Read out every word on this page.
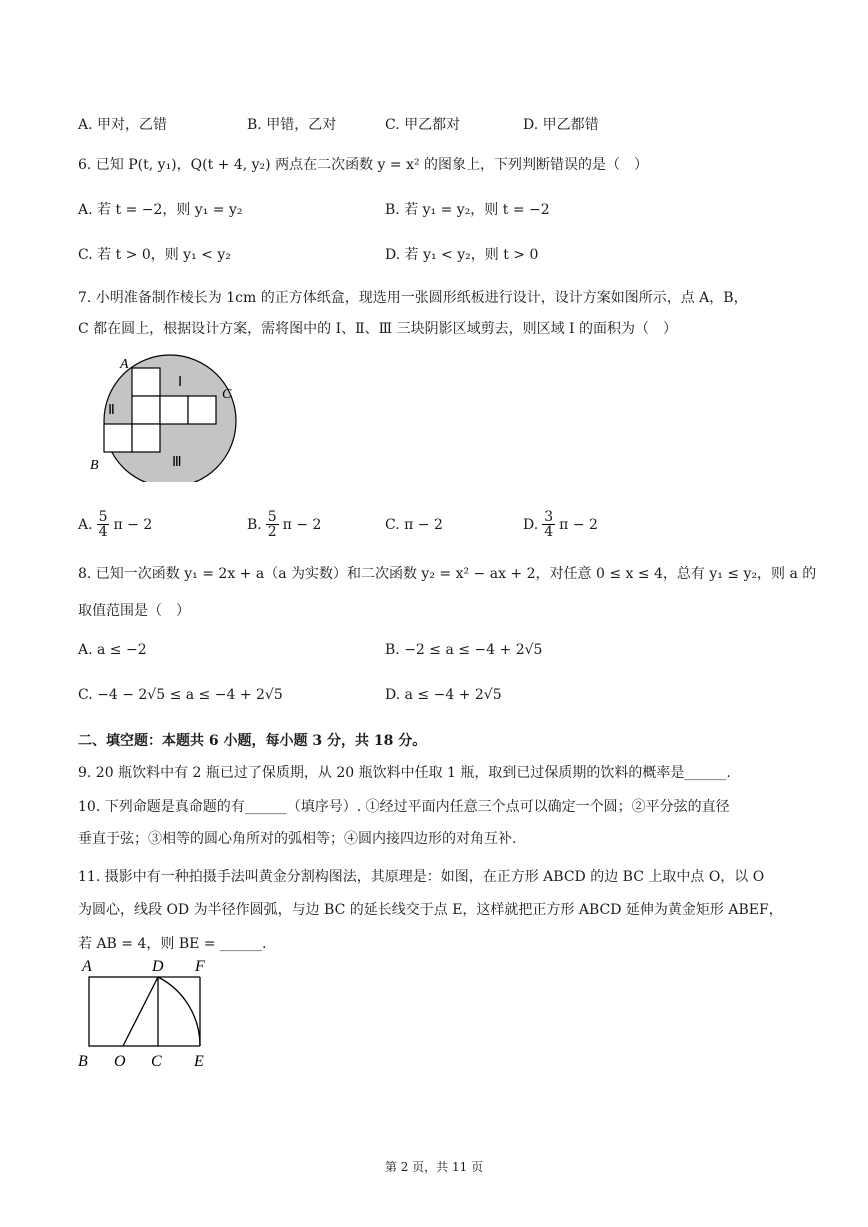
A. 甲对，乙错	B. 甲错，乙对	C. 甲乙都对	D. 甲乙都错
6. 已知 P(t, y₁)，Q(t + 4, y₂) 两点在二次函数 y = x² 的图象上，下列判断错误的是（　）
A. 若 t = −2，则 y₁ = y₂	B. 若 y₁ = y₂，则 t = −2
C. 若 t > 0，则 y₁ < y₂	D. 若 y₁ < y₂，则 t > 0
7. 小明准备制作棱长为 1cm 的正方体纸盒，现选用一张圆形纸板进行设计，设计方案如图所示，点 A，B，
C 都在圆上，根据设计方案，需将图中的 Ⅰ、Ⅱ、Ⅲ 三块阴影区域剪去，则区域 Ⅰ 的面积为（　）
A
B
C
Ⅰ
Ⅱ
Ⅲ
A. $\frac{5}{4}$ π − 2	B. $\frac{5}{2}$ π − 2	C. π − 2	D. $\frac{3}{4}$ π − 2
8. 已知一次函数 y₁ = 2x + a（a 为实数）和二次函数 y₂ = x² − ax + 2，对任意 0 ≤ x ≤ 4，总有 y₁ ≤ y₂，则 a 的
取值范围是（　）
A. a ≤ −2	B. −2 ≤ a ≤ −4 + 2√5
C. −4 − 2√5 ≤ a ≤ −4 + 2√5	D. a ≤ −4 + 2√5
二、填空题：本题共 6 小题，每小题 3 分，共 18 分。
9. 20 瓶饮料中有 2 瓶已过了保质期，从 20 瓶饮料中任取 1 瓶，取到已过保质期的饮料的概率是______.
10. 下列命题是真命题的有______（填序号）. ①经过平面内任意三个点可以确定一个圆；②平分弦的直径
垂直于弦；③相等的圆心角所对的弧相等；④圆内接四边形的对角互补.
11. 摄影中有一种拍摄手法叫黄金分割构图法，其原理是：如图，在正方形 ABCD 的边 BC 上取中点 O，以 O
为圆心，线段 OD 为半径作圆弧，与边 BC 的延长线交于点 E，这样就把正方形 ABCD 延伸为黄金矩形 ABEF，
若 AB = 4，则 BE = ______.
A	D F
B O C E
第 2 页，共 11 页
